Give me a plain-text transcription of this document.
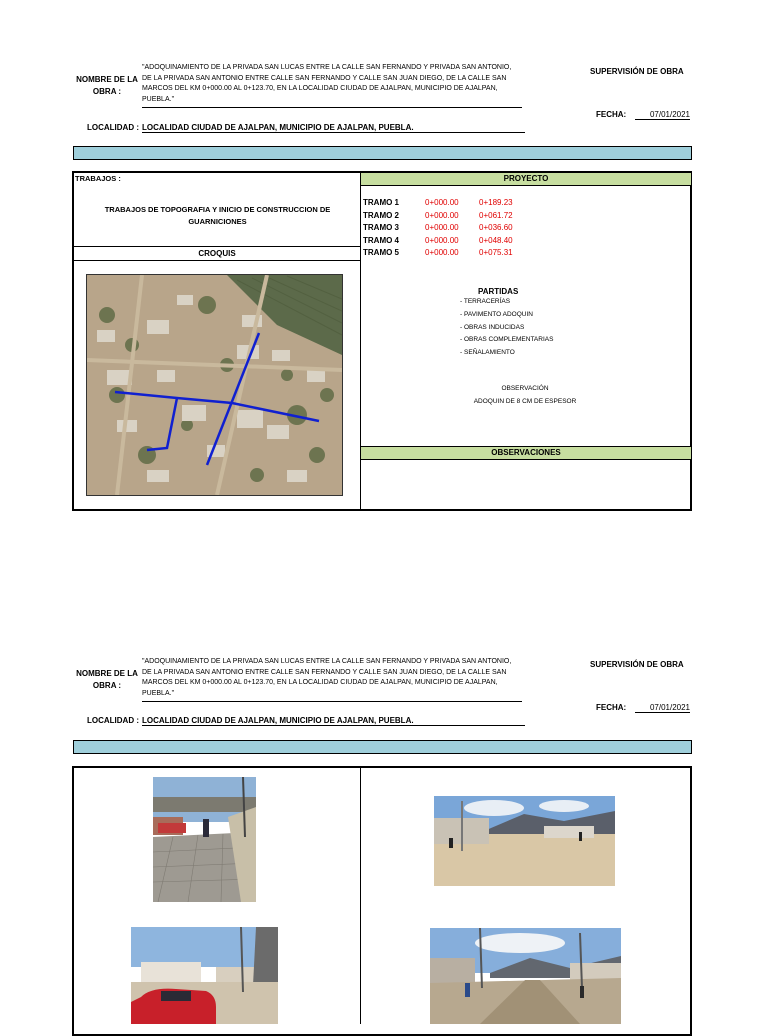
NOMBRE DE LA OBRA :
"ADOQUINAMIENTO DE LA PRIVADA SAN LUCAS ENTRE LA CALLE SAN FERNANDO Y PRIVADA SAN ANTONIO, DE LA PRIVADA SAN ANTONIO ENTRE CALLE SAN FERNANDO Y CALLE SAN JUAN DIEGO, DE LA CALLE SAN MARCOS DEL KM 0+000.00 AL 0+123.70, EN LA LOCALIDAD CIUDAD DE AJALPAN, MUNICIPIO DE AJALPAN, PUEBLA."
SUPERVISIÓN DE OBRA
FECHA:	07/01/2021
LOCALIDAD : LOCALIDAD CIUDAD DE AJALPAN, MUNICIPIO DE AJALPAN, PUEBLA.
TRABAJOS :
TRABAJOS DE TOPOGRAFIA Y INICIO DE CONSTRUCCION DE GUARNICIONES
CROQUIS
PROYECTO
TRAMO 1	0+000.00	0+189.23
TRAMO 2	0+000.00	0+061.72
TRAMO 3	0+000.00	0+036.60
TRAMO 4	0+000.00	0+048.40
TRAMO 5	0+000.00	0+075.31
PARTIDAS
- TERRACERÍAS
- PAVIMENTO ADOQUIN
- OBRAS INDUCIDAS
- OBRAS COMPLEMENTARIAS
- SEÑALAMIENTO
OBSERVACIÓN
ADOQUIN DE 8 CM DE ESPESOR
OBSERVACIONES
NOMBRE DE LA OBRA :
"ADOQUINAMIENTO DE LA PRIVADA SAN LUCAS ENTRE LA CALLE SAN FERNANDO Y PRIVADA SAN ANTONIO, DE LA PRIVADA SAN ANTONIO ENTRE CALLE SAN FERNANDO Y CALLE SAN JUAN DIEGO, DE LA CALLE SAN MARCOS DEL KM 0+000.00 AL 0+123.70, EN LA LOCALIDAD CIUDAD DE AJALPAN, MUNICIPIO DE AJALPAN, PUEBLA."
SUPERVISIÓN DE OBRA
FECHA:	07/01/2021
LOCALIDAD : LOCALIDAD CIUDAD DE AJALPAN, MUNICIPIO DE AJALPAN, PUEBLA.
